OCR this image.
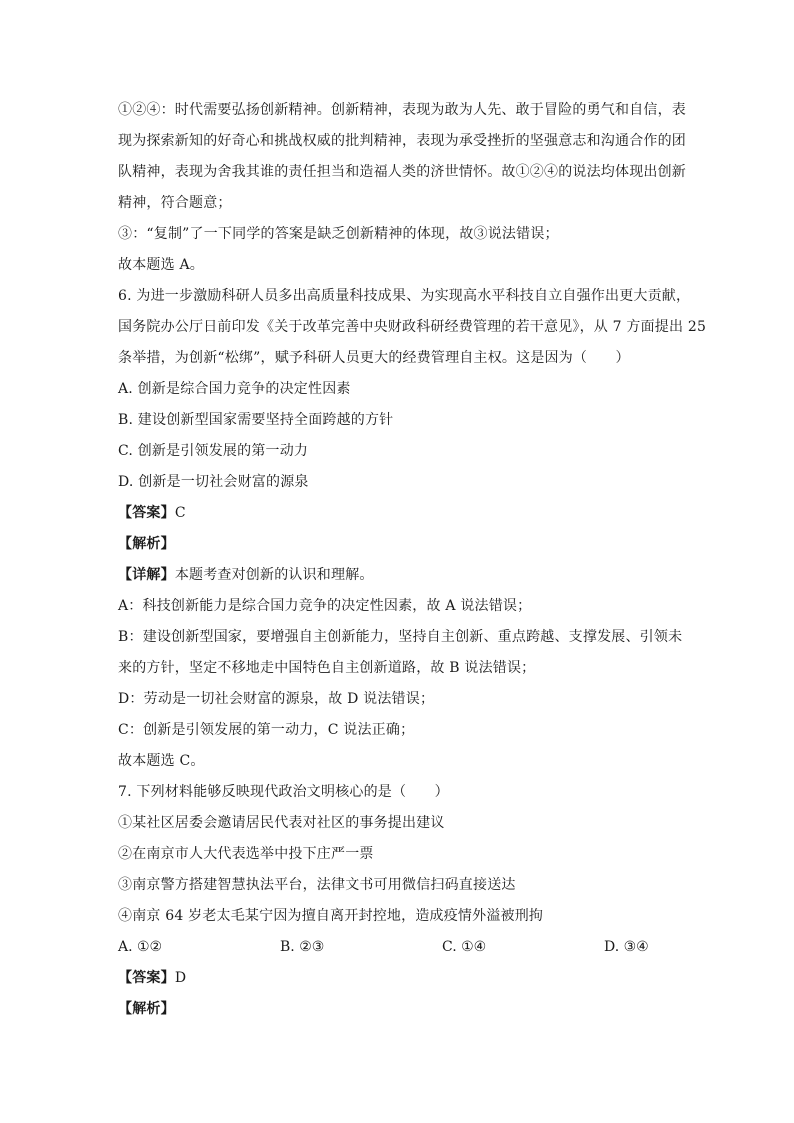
①②④：时代需要弘扬创新精神。创新精神，表现为敢为人先、敢于冒险的勇气和自信，表
现为探索新知的好奇心和挑战权威的批判精神，表现为承受挫折的坚强意志和沟通合作的团
队精神，表现为舍我其谁的责任担当和造福人类的济世情怀。故①②④的说法均体现出创新
精神，符合题意；
③：“复制”了一下同学的答案是缺乏创新精神的体现，故③说法错误；
故本题选 A。
6. 为进一步激励科研人员多出高质量科技成果、为实现高水平科技自立自强作出更大贡献，
国务院办公厅日前印发《关于改革完善中央财政科研经费管理的若干意见》，从 7 方面提出 25
条举措，为创新“松绑”，赋予科研人员更大的经费管理自主权。这是因为（　　）
A. 创新是综合国力竞争的决定性因素
B. 建设创新型国家需要坚持全面跨越的方针
C. 创新是引领发展的第一动力
D. 创新是一切社会财富的源泉
【答案】C
【解析】
【详解】本题考查对创新的认识和理解。
A：科技创新能力是综合国力竞争的决定性因素，故 A 说法错误；
B：建设创新型国家，要增强自主创新能力，坚持自主创新、重点跨越、支撑发展、引领未
来的方针，坚定不移地走中国特色自主创新道路，故 B 说法错误；
D：劳动是一切社会财富的源泉，故 D 说法错误；
C：创新是引领发展的第一动力，C 说法正确；
故本题选 C。
7. 下列材料能够反映现代政治文明核心的是（　　）
①某社区居委会邀请居民代表对社区的事务提出建议
②在南京市人大代表选举中投下庄严一票
③南京警方搭建智慧执法平台，法律文书可用微信扫码直接送达
④南京 64 岁老太毛某宁因为擅自离开封控地，造成疫情外溢被刑拘
A. ①②	B. ②③	C. ①④	D. ③④
【答案】D
【解析】
